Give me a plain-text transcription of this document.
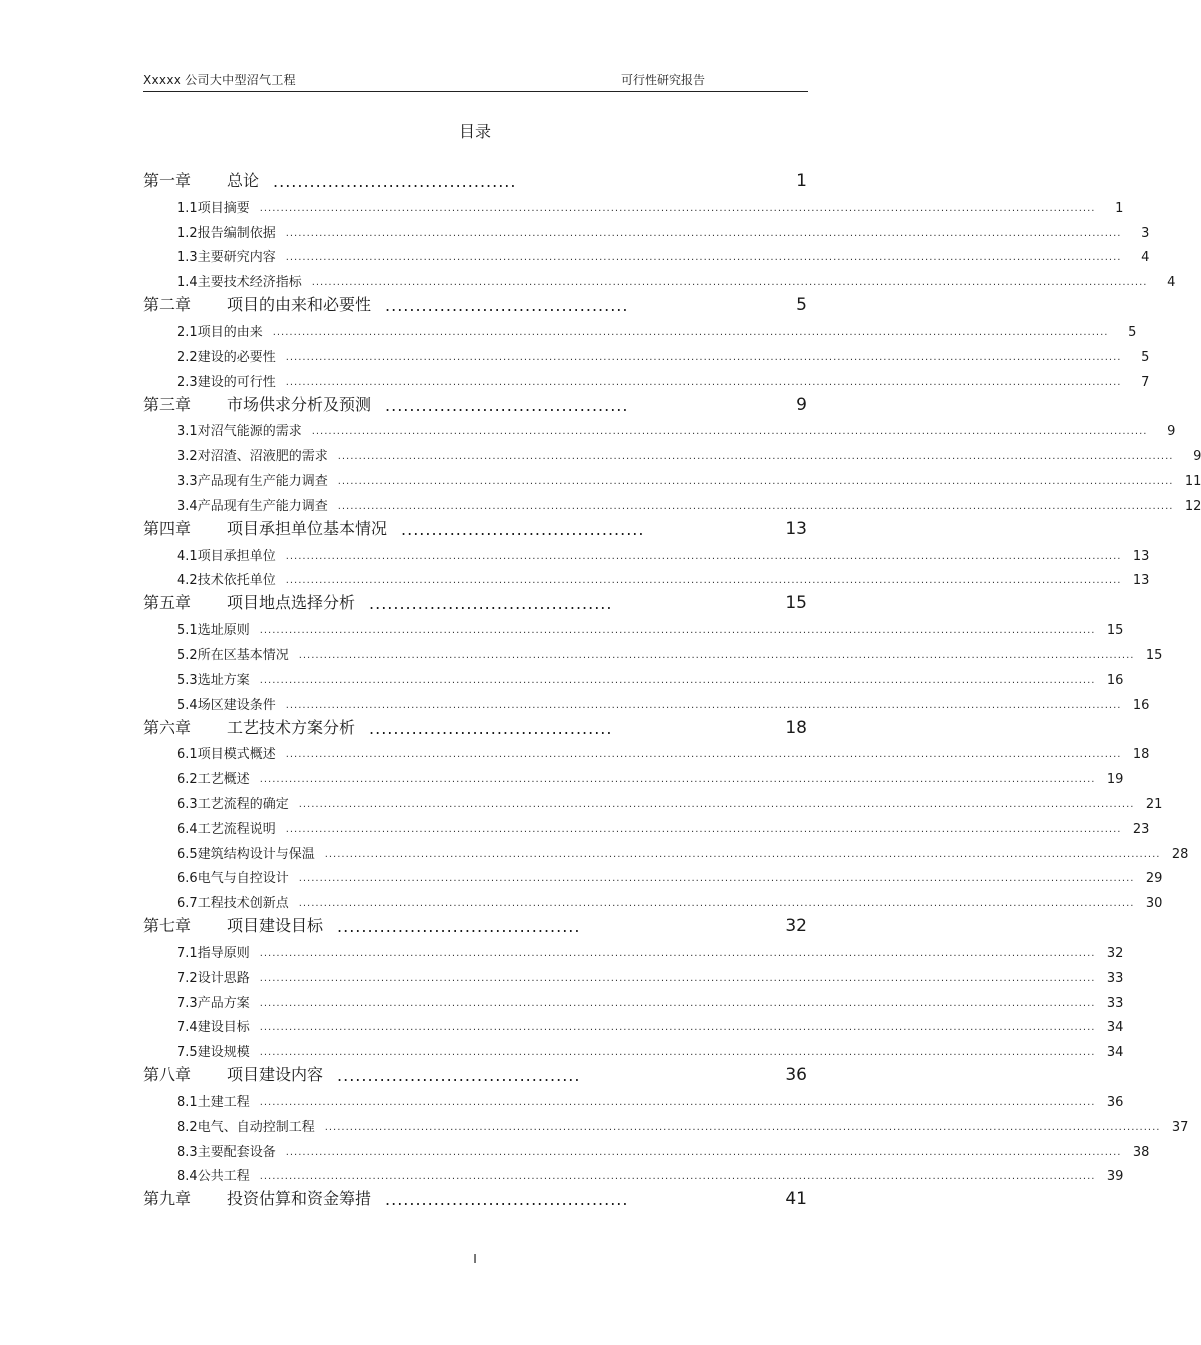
Xxxxx 公司大中型沼气工程	可行性研究报告
目录
第一章	总论 ........................................	1
1.1 项目摘要 ........................................................................................................................................................................................................	1
1.2 报告编制依据 ........................................................................................................................................................................................................	3
1.3 主要研究内容 ........................................................................................................................................................................................................	4
1.4 主要技术经济指标 ........................................................................................................................................................................................................	4
第二章	项目的由来和必要性 ........................................	5
2.1 项目的由来 ........................................................................................................................................................................................................	5
2.2 建设的必要性 ........................................................................................................................................................................................................	5
2.3 建设的可行性 ........................................................................................................................................................................................................	7
第三章	市场供求分析及预测 ........................................	9
3.1 对沼气能源的需求 ........................................................................................................................................................................................................	9
3.2 对沼渣、沼液肥的需求 ........................................................................................................................................................................................................	9
3.3 产品现有生产能力调查 ........................................................................................................................................................................................................ 11
3.4 产品现有生产能力调查 ........................................................................................................................................................................................................ 12
第四章	项目承担单位基本情况 ........................................	13
4.1 项目承担单位 ........................................................................................................................................................................................................ 13
4.2 技术依托单位 ........................................................................................................................................................................................................ 13
第五章	项目地点选择分析 ........................................	15
5.1 选址原则 ........................................................................................................................................................................................................ 15
5.2 所在区基本情况 ........................................................................................................................................................................................................ 15
5.3 选址方案 ........................................................................................................................................................................................................ 16
5.4 场区建设条件 ........................................................................................................................................................................................................ 16
第六章	工艺技术方案分析 ........................................	18
6.1 项目模式概述 ........................................................................................................................................................................................................ 18
6.2 工艺概述 ........................................................................................................................................................................................................ 19
6.3 工艺流程的确定 ........................................................................................................................................................................................................ 21
6.4 工艺流程说明 ........................................................................................................................................................................................................ 23
6.5 建筑结构设计与保温 ........................................................................................................................................................................................................ 28
6.6 电气与自控设计 ........................................................................................................................................................................................................ 29
6.7 工程技术创新点 ........................................................................................................................................................................................................ 30
第七章	项目建设目标 ........................................	32
7.1 指导原则 ........................................................................................................................................................................................................ 32
7.2 设计思路 ........................................................................................................................................................................................................ 33
7.3 产品方案 ........................................................................................................................................................................................................ 33
7.4 建设目标 ........................................................................................................................................................................................................ 34
7.5 建设规模 ........................................................................................................................................................................................................ 34
第八章	项目建设内容 ........................................	36
8.1 土建工程 ........................................................................................................................................................................................................ 36
8.2 电气、自动控制工程 ........................................................................................................................................................................................................ 37
8.3 主要配套设备 ........................................................................................................................................................................................................ 38
8.4 公共工程 ........................................................................................................................................................................................................ 39
第九章	投资估算和资金筹措 ........................................	41
I
